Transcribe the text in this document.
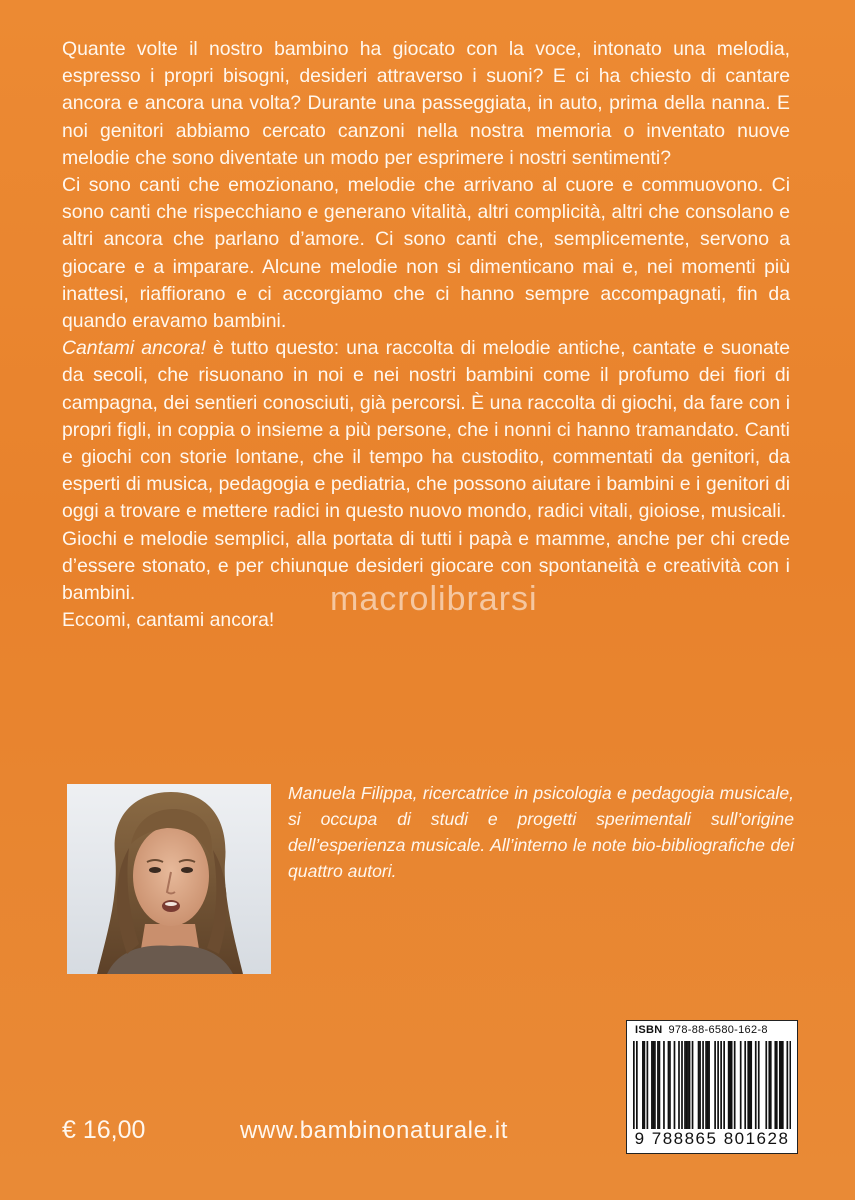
Quante volte il nostro bambino ha giocato con la voce, intonato una melodia, espresso i propri bisogni, desideri attraverso i suoni? E ci ha chiesto di cantare ancora e ancora una volta? Durante una passeggiata, in auto, prima della nanna. E noi genitori abbiamo cercato canzoni nella nostra memoria o inventato nuove melodie che sono diventate un modo per esprimere i nostri sentimenti?

Ci sono canti che emozionano, melodie che arrivano al cuore e commuovono. Ci sono canti che rispecchiano e generano vitalità, altri complicità, altri che consolano e altri ancora che parlano d’amore. Ci sono canti che, semplicemente, servono a giocare e a imparare. Alcune melodie non si dimenticano mai e, nei momenti più inattesi, riaffiorano e ci accorgiamo che ci hanno sempre accompagnati, fin da quando eravamo bambini.

Cantami ancora! è tutto questo: una raccolta di melodie antiche, cantate e suonate da secoli, che risuonano in noi e nei nostri bambini come il profumo dei fiori di campagna, dei sentieri conosciuti, già percorsi. È una raccolta di giochi, da fare con i propri figli, in coppia o insieme a più persone, che i nonni ci hanno tramandato. Canti e giochi con storie lontane, che il tempo ha custodito, commentati da genitori, da esperti di musica, pedagogia e pediatria, che possono aiutare i bambini e i genitori di oggi a trovare e mettere radici in questo nuovo mondo, radici vitali, gioiose, musicali.

Giochi e melodie semplici, alla portata di tutti i papà e mamme, anche per chi crede d’essere stonato, e per chiunque desideri giocare con spontaneità e creatività con i bambini.

Eccomi, cantami ancora!

macrolibrarsi
Manuela Filippa, ricercatrice in psicologia e pedagogia musicale, si occupa di studi e progetti sperimentali sull’origine dell’esperienza musicale. All’interno le note bio-bibliografiche dei quattro autori.
ISBN 978-88-6580-162-8
9 788865 801628
€ 16,00	www.bambinonaturale.it
